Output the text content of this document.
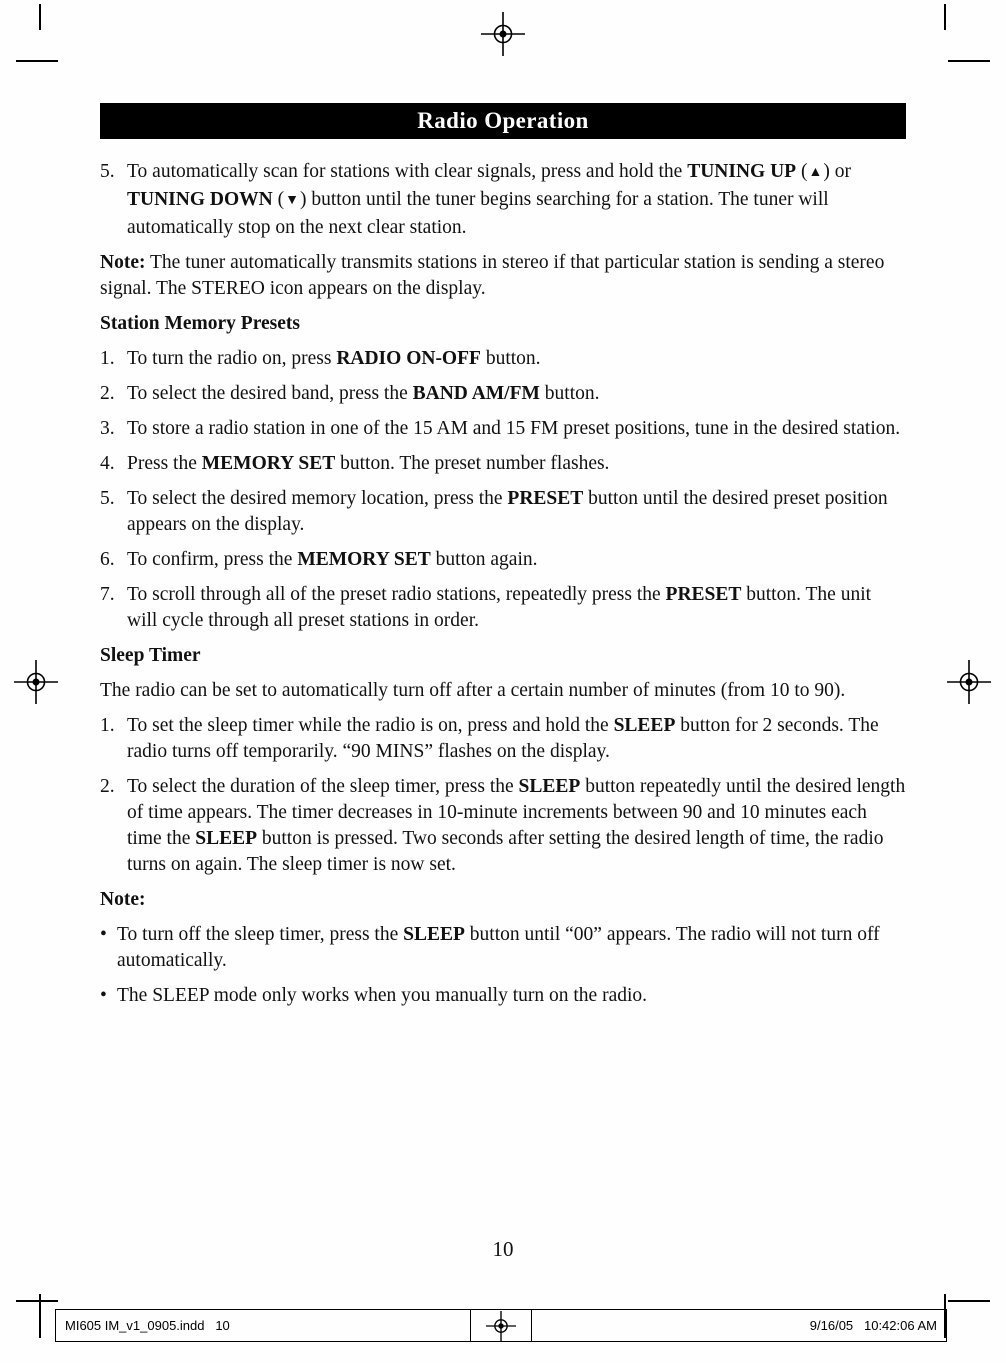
Radio Operation
5. To automatically scan for stations with clear signals, press and hold the TUNING UP (▲) or TUNING DOWN (▼) button until the tuner begins searching for a station. The tuner will automatically stop on the next clear station.
Note: The tuner automatically transmits stations in stereo if that particular station is sending a stereo signal. The STEREO icon appears on the display.
Station Memory Presets
1. To turn the radio on, press RADIO ON-OFF button.
2. To select the desired band, press the BAND AM/FM button.
3. To store a radio station in one of the 15 AM and 15 FM preset positions, tune in the desired station.
4. Press the MEMORY SET button. The preset number flashes.
5. To select the desired memory location, press the PRESET button until the desired preset position appears on the display.
6. To confirm, press the MEMORY SET button again.
7. To scroll through all of the preset radio stations, repeatedly press the PRESET button. The unit will cycle through all preset stations in order.
Sleep Timer
The radio can be set to automatically turn off after a certain number of minutes (from 10 to 90).
1. To set the sleep timer while the radio is on, press and hold the SLEEP button for 2 seconds. The radio turns off temporarily. “90 MINS” flashes on the display.
2. To select the duration of the sleep timer, press the SLEEP button repeatedly until the desired length of time appears. The timer decreases in 10-minute increments between 90 and 10 minutes each time the SLEEP button is pressed. Two seconds after setting the desired length of time, the radio turns on again. The sleep timer is now set.
Note:
• To turn off the sleep timer, press the SLEEP button until “00” appears. The radio will not turn off automatically.
• The SLEEP mode only works when you manually turn on the radio.
10
MI605 IM_v1_0905.indd   10	9/16/05   10:42:06 AM
